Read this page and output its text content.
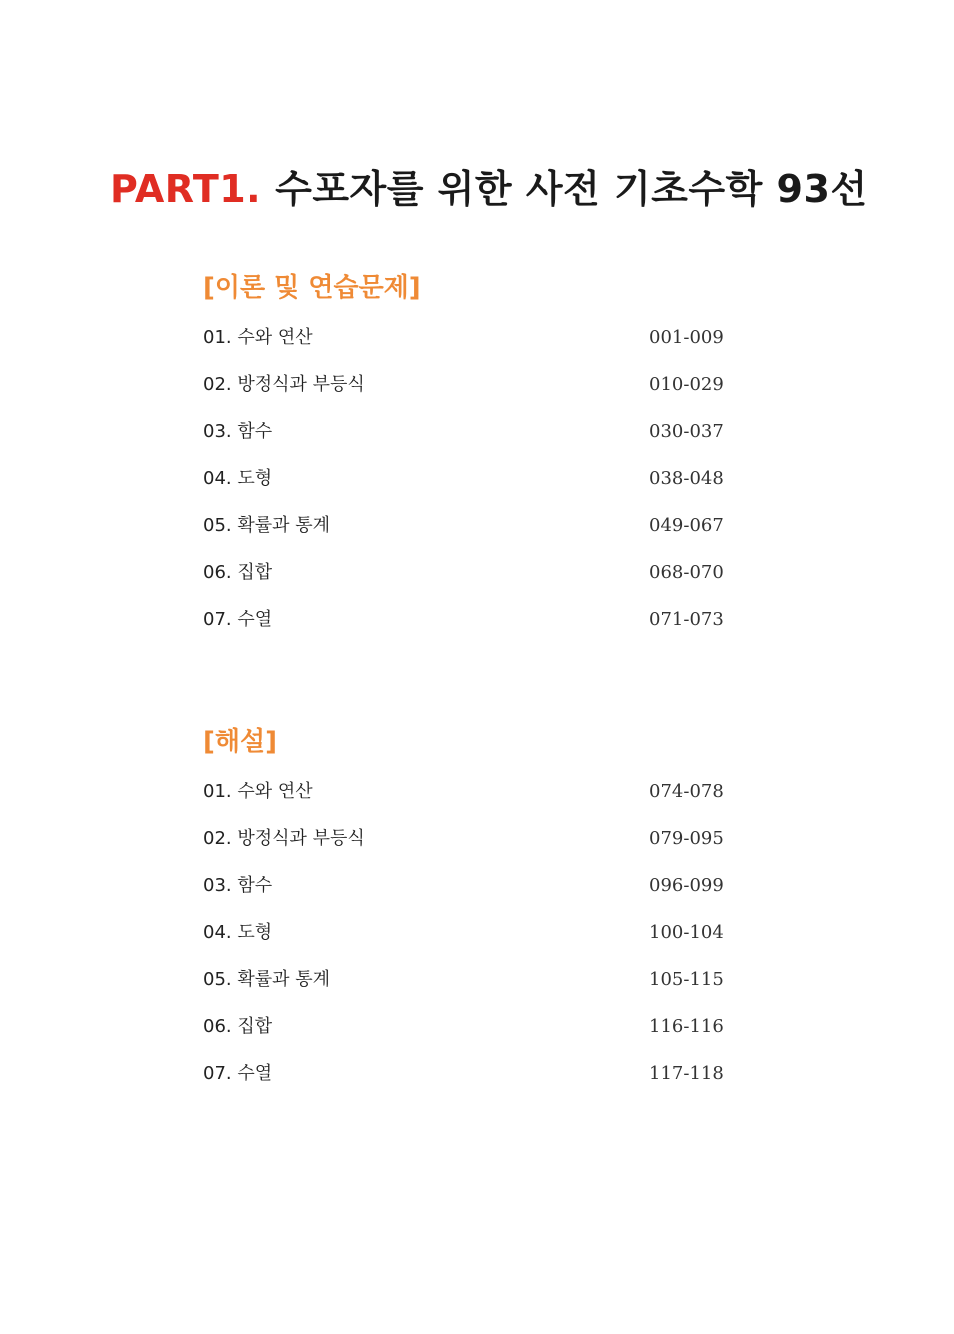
PART1. 수포자를 위한 사전 기초수학 93선
[이론 및 연습문제]
01. 수와 연산	001-009
02. 방정식과 부등식	010-029
03. 함수	030-037
04. 도형	038-048
05. 확률과 통계	049-067
06. 집합	068-070
07. 수열	071-073
[해설]
01. 수와 연산	074-078
02. 방정식과 부등식	079-095
03. 함수	096-099
04. 도형	100-104
05. 확률과 통계	105-115
06. 집합	116-116
07. 수열	117-118
